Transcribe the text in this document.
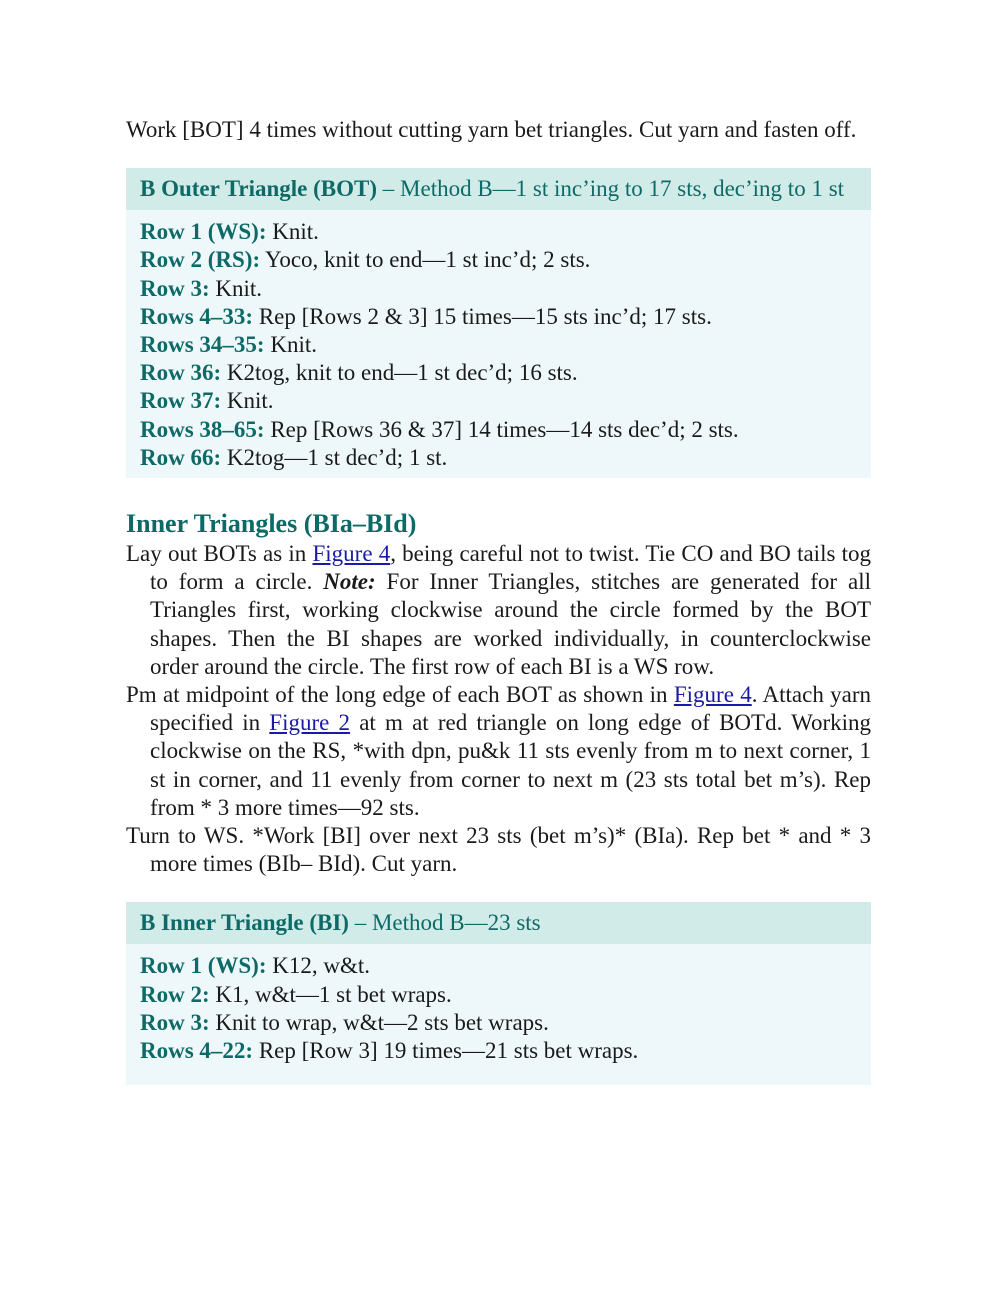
Work [BOT] 4 times without cutting yarn bet triangles. Cut yarn and fasten off.

B Outer Triangle (BOT) – Method B—1 st inc’ing to 17 sts, dec’ing to 1 st

Row 1 (WS): Knit.

Row 2 (RS): Yoco, knit to end—1 st inc’d; 2 sts.

Row 3: Knit.

Rows 4–33: Rep [Rows 2 & 3] 15 times—15 sts inc’d; 17 sts.

Rows 34–35: Knit.

Row 36: K2tog, knit to end—1 st dec’d; 16 sts.

Row 37: Knit.

Rows 38–65: Rep [Rows 36 & 37] 14 times—14 sts dec’d; 2 sts.

Row 66: K2tog—1 st dec’d; 1 st.

Inner Triangles (BIa–BId)

Lay out BOTs as in Figure 4, being careful not to twist. Tie CO and BO tails tog to form a circle. Note: For Inner Triangles, stitches are generated for all Triangles first, working clockwise around the circle formed by the BOT shapes. Then the BI shapes are worked individually, in counterclockwise order around the circle. The first row of each BI is a WS row.

Pm at midpoint of the long edge of each BOT as shown in Figure 4. Attach yarn specified in Figure 2 at m at red triangle on long edge of BOTd. Working clockwise on the RS, *with dpn, pu&k 11 sts evenly from m to next corner, 1 st in corner, and 11 evenly from corner to next m (23 sts total bet m’s). Rep from * 3 more times—92 sts.

Turn to WS. *Work [BI] over next 23 sts (bet m’s)* (BIa). Rep bet * and * 3 more times (BIb– BId). Cut yarn.

B Inner Triangle (BI) – Method B—23 sts

Row 1 (WS): K12, w&t.

Row 2: K1, w&t—1 st bet wraps.

Row 3: Knit to wrap, w&t—2 sts bet wraps.

Rows 4–22: Rep [Row 3] 19 times—21 sts bet wraps.
